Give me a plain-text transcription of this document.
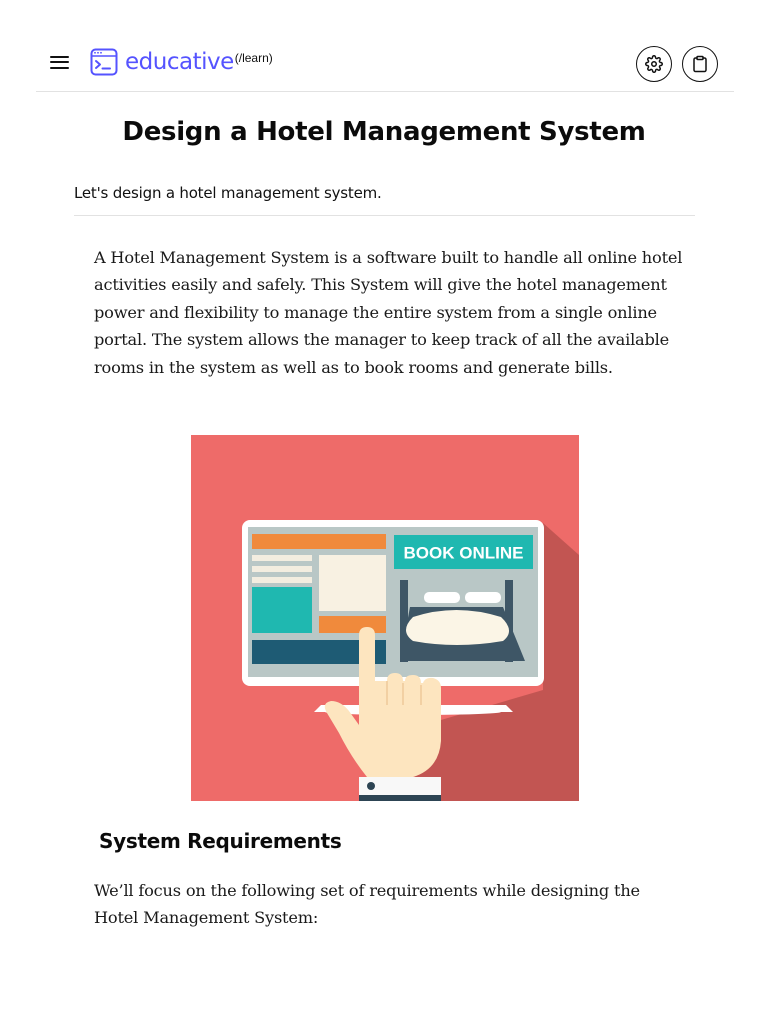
educative (/learn)
Design a Hotel Management System

Let's design a hotel management system.

A Hotel Management System is a software built to handle all online hotel activities easily and safely. This System will give the hotel management power and flexibility to manage the entire system from a single online portal. The system allows the manager to keep track of all the available rooms in the system as well as to book rooms and generate bills.

BOOK ONLINE
System Requirements

We’ll focus on the following set of requirements while designing the Hotel Management System:
